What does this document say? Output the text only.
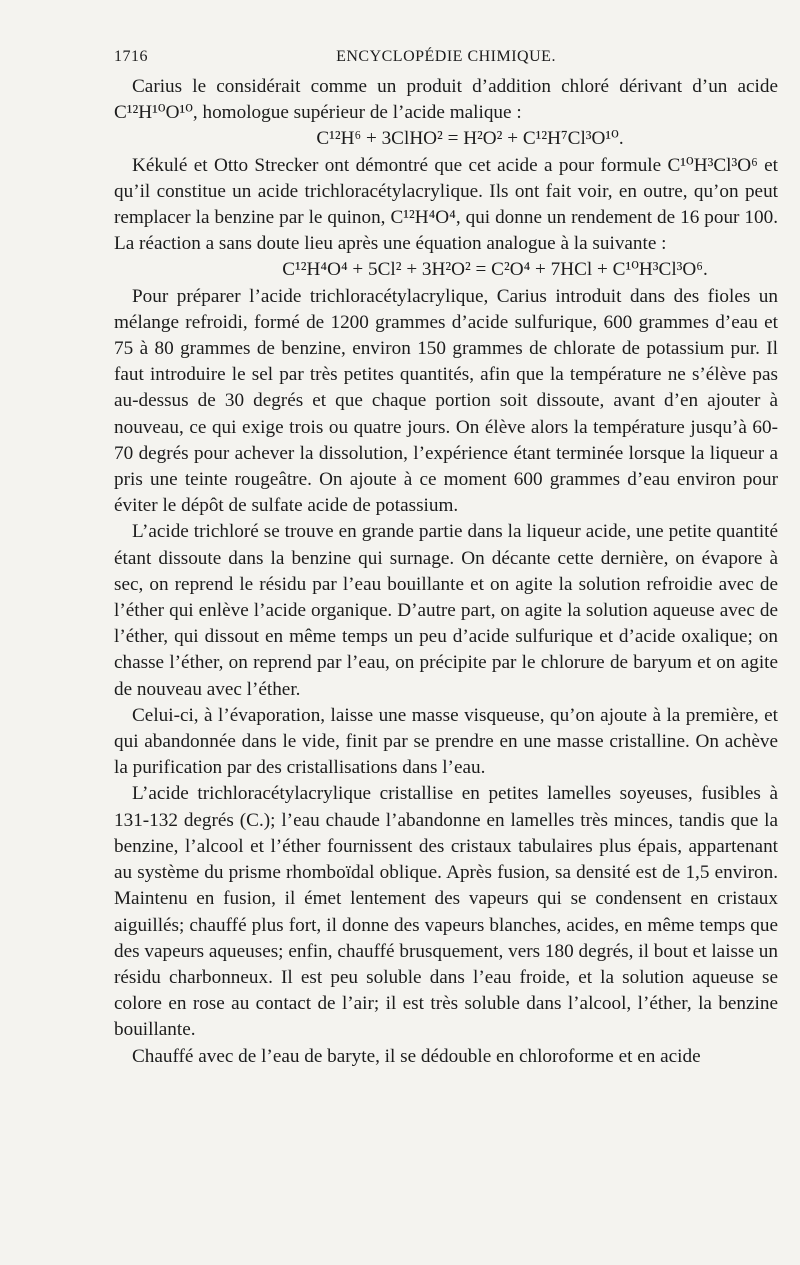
1716	ENCYCLOPÉDIE CHIMIQUE.

Carius le considérait comme un produit d’addition chloré dérivant d’un acide C¹²H¹⁰O¹⁰, homologue supérieur de l’acide malique :

C¹²H⁶ + 3ClHO² = H²O² + C¹²H⁷Cl³O¹⁰.

Kékulé et Otto Strecker ont démontré que cet acide a pour formule C¹⁰H³Cl³O⁶ et qu’il constitue un acide trichloracétylacrylique. Ils ont fait voir, en outre, qu’on peut remplacer la benzine par le quinon, C¹²H⁴O⁴, qui donne un rendement de 16 pour 100. La réaction a sans doute lieu après une équation analogue à la suivante :

C¹²H⁴O⁴ + 5Cl² + 3H²O² = C²O⁴ + 7HCl + C¹⁰H³Cl³O⁶.

Pour préparer l’acide trichloracétylacrylique, Carius introduit dans des fioles un mélange refroidi, formé de 1200 grammes d’acide sulfurique, 600 grammes d’eau et 75 à 80 grammes de benzine, environ 150 grammes de chlorate de potassium pur. Il faut introduire le sel par très petites quantités, afin que la température ne s’élève pas au-dessus de 30 degrés et que chaque portion soit dissoute, avant d’en ajouter à nouveau, ce qui exige trois ou quatre jours. On élève alors la température jusqu’à 60-70 degrés pour achever la dissolution, l’expérience étant terminée lorsque la liqueur a pris une teinte rougeâtre. On ajoute à ce moment 600 grammes d’eau environ pour éviter le dépôt de sulfate acide de potassium.

L’acide trichloré se trouve en grande partie dans la liqueur acide, une petite quantité étant dissoute dans la benzine qui surnage. On décante cette dernière, on évapore à sec, on reprend le résidu par l’eau bouillante et on agite la solution refroidie avec de l’éther qui enlève l’acide organique. D’autre part, on agite la solution aqueuse avec de l’éther, qui dissout en même temps un peu d’acide sulfurique et d’acide oxalique; on chasse l’éther, on reprend par l’eau, on précipite par le chlorure de baryum et on agite de nouveau avec l’éther.

Celui-ci, à l’évaporation, laisse une masse visqueuse, qu’on ajoute à la première, et qui abandonnée dans le vide, finit par se prendre en une masse cristalline. On achève la purification par des cristallisations dans l’eau.

L’acide trichloracétylacrylique cristallise en petites lamelles soyeuses, fusibles à 131-132 degrés (C.); l’eau chaude l’abandonne en lamelles très minces, tandis que la benzine, l’alcool et l’éther fournissent des cristaux tabulaires plus épais, appartenant au système du prisme rhomboïdal oblique. Après fusion, sa densité est de 1,5 environ. Maintenu en fusion, il émet lentement des vapeurs qui se condensent en cristaux aiguillés; chauffé plus fort, il donne des vapeurs blanches, acides, en même temps que des vapeurs aqueuses; enfin, chauffé brusquement, vers 180 degrés, il bout et laisse un résidu charbonneux. Il est peu soluble dans l’eau froide, et la solution aqueuse se colore en rose au contact de l’air; il est très soluble dans l’alcool, l’éther, la benzine bouillante.

Chauffé avec de l’eau de baryte, il se dédouble en chloroforme et en acide
